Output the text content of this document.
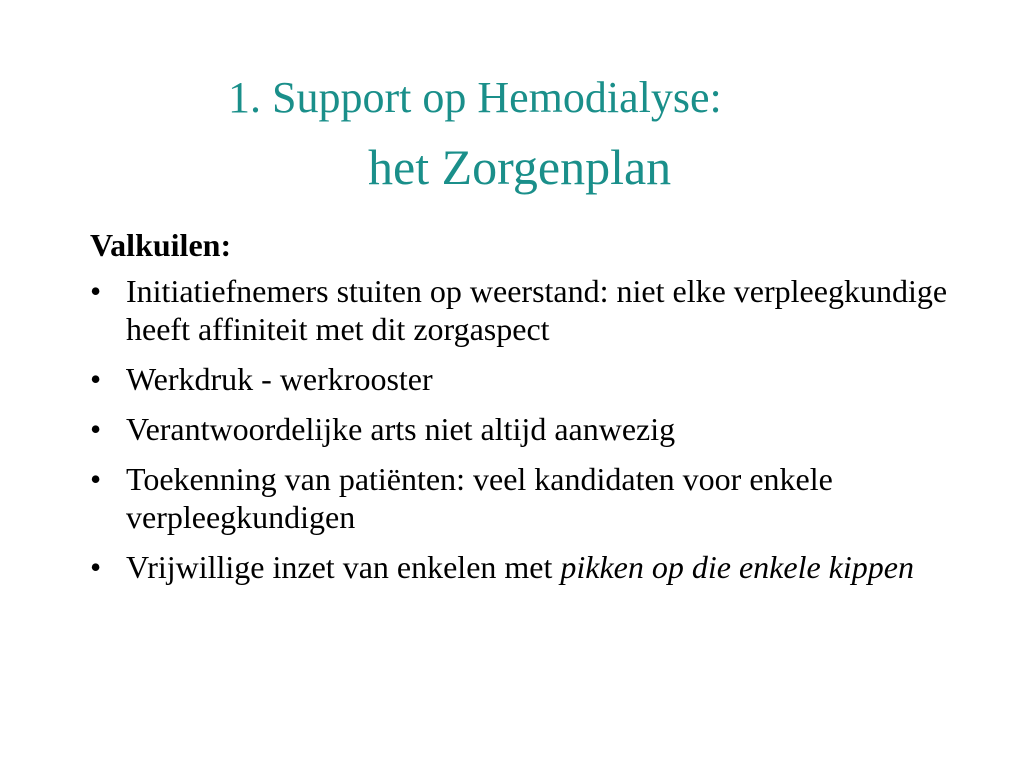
1. Support op Hemodialyse:
het Zorgenplan
Valkuilen:
• Initiatiefnemers stuiten op weerstand: niet elke verpleegkundige heeft affiniteit met dit zorgaspect
• Werkdruk - werkrooster
• Verantwoordelijke arts niet altijd aanwezig
• Toekenning van patiënten: veel kandidaten voor enkele verpleegkundigen
• Vrijwillige inzet van enkelen met pikken op die enkele kippen
